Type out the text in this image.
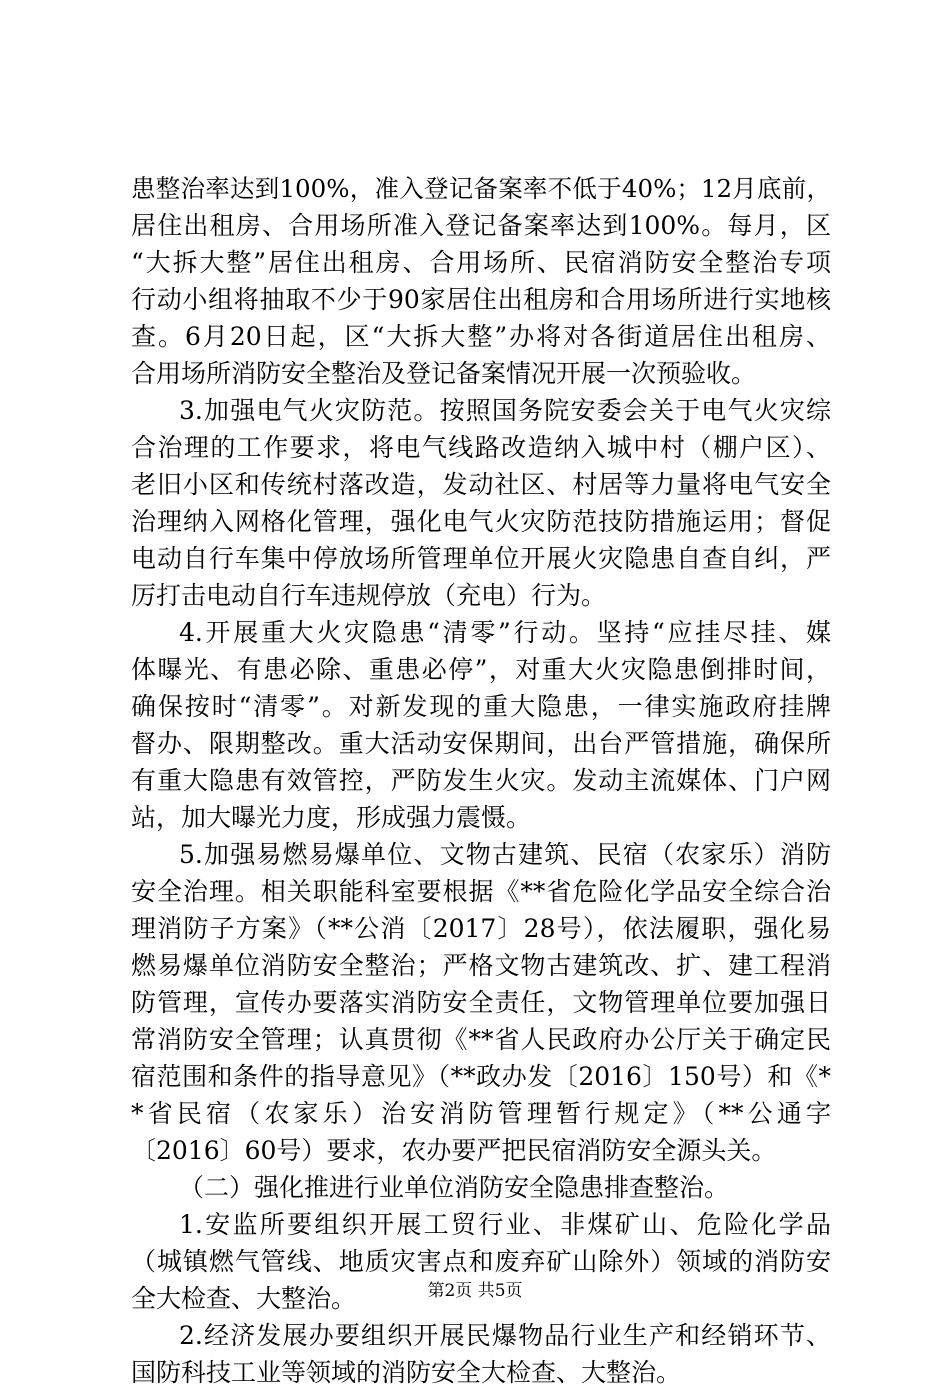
患整治率达到100%，准入登记备案率不低于40%；12月底前，
居住出租房、合用场所准入登记备案率达到100%。每月，区
“大拆大整”居住出租房、合用场所、民宿消防安全整治专项
行动小组将抽取不少于90家居住出租房和合用场所进行实地核
查。6月20日起，区“大拆大整”办将对各街道居住出租房、
合用场所消防安全整治及登记备案情况开展一次预验收。
3.加强电气火灾防范。按照国务院安委会关于电气火灾综
合治理的工作要求，将电气线路改造纳入城中村（棚户区）、
老旧小区和传统村落改造，发动社区、村居等力量将电气安全
治理纳入网格化管理，强化电气火灾防范技防措施运用；督促
电动自行车集中停放场所管理单位开展火灾隐患自查自纠，严
厉打击电动自行车违规停放（充电）行为。
4.开展重大火灾隐患“清零”行动。坚持“应挂尽挂、媒
体曝光、有患必除、重患必停”，对重大火灾隐患倒排时间，
确保按时“清零”。对新发现的重大隐患，一律实施政府挂牌
督办、限期整改。重大活动安保期间，出台严管措施，确保所
有重大隐患有效管控，严防发生火灾。发动主流媒体、门户网
站，加大曝光力度，形成强力震慑。
5.加强易燃易爆单位、文物古建筑、民宿（农家乐）消防
安全治理。相关职能科室要根据《**省危险化学品安全综合治
理消防子方案》（**公消〔2017〕28号），依法履职，强化易
燃易爆单位消防安全整治；严格文物古建筑改、扩、建工程消
防管理，宣传办要落实消防安全责任，文物管理单位要加强日
常消防安全管理；认真贯彻《**省人民政府办公厅关于确定民
宿范围和条件的指导意见》（**政办发〔2016〕150号）和《*
*省民宿（农家乐）治安消防管理暂行规定》（**公通字
〔2016〕60号）要求，农办要严把民宿消防安全源头关。
（二）强化推进行业单位消防安全隐患排查整治。
1.安监所要组织开展工贸行业、非煤矿山、危险化学品
（城镇燃气管线、地质灾害点和废弃矿山除外）领域的消防安
全大检查、大整治。
2.经济发展办要组织开展民爆物品行业生产和经销环节、
国防科技工业等领域的消防安全大检查、大整治。
第2页 共5页
